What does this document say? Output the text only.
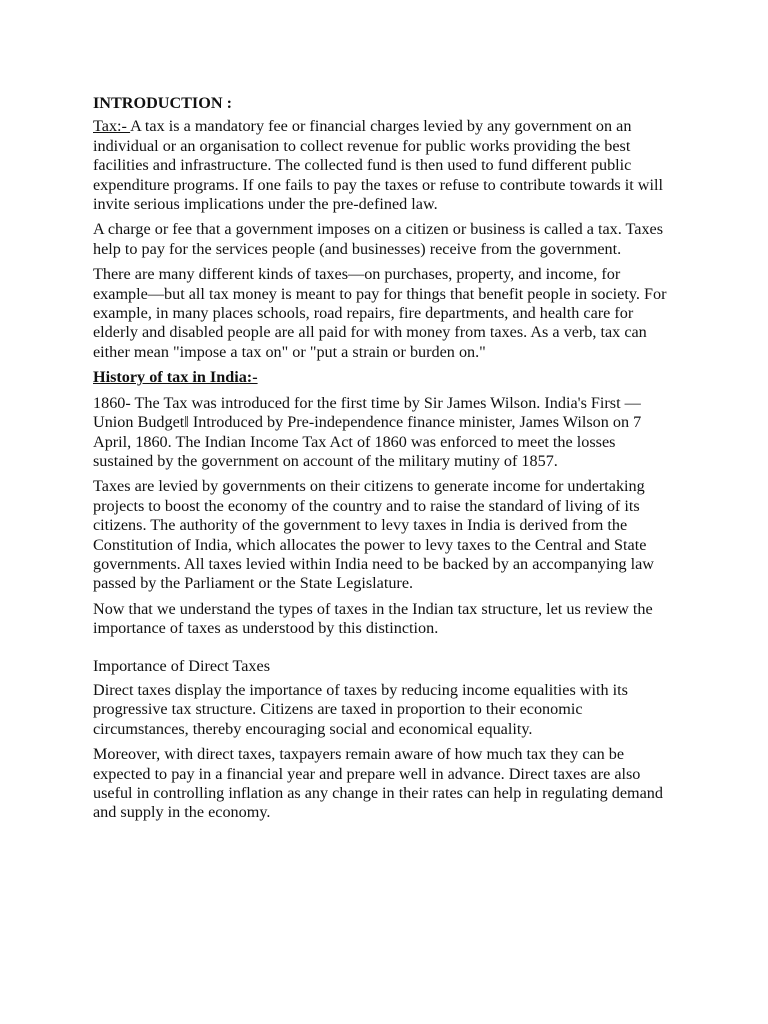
INTRODUCTION :

Tax:- A tax is a mandatory fee or financial charges levied by any government on an individual or an organisation to collect revenue for public works providing the best facilities and infrastructure. The collected fund is then used to fund different public expenditure programs. If one fails to pay the taxes or refuse to contribute towards it will invite serious implications under the pre-defined law.

A charge or fee that a government imposes on a citizen or business is called a tax. Taxes help to pay for the services people (and businesses) receive from the government.

There are many different kinds of taxes—on purchases, property, and income, for example—but all tax money is meant to pay for things that benefit people in society. For example, in many places schools, road repairs, fire departments, and health care for elderly and disabled people are all paid for with money from taxes. As a verb, tax can either mean "impose a tax on" or "put a strain or burden on."

History of tax in India:-

1860- The Tax was introduced for the first time by Sir James Wilson. India's First —Union Budget‖ Introduced by Pre-independence finance minister, James Wilson on 7 April, 1860. The Indian Income Tax Act of 1860 was enforced to meet the losses sustained by the government on account of the military mutiny of 1857.

Taxes are levied by governments on their citizens to generate income for undertaking projects to boost the economy of the country and to raise the standard of living of its citizens. The authority of the government to levy taxes in India is derived from the Constitution of India, which allocates the power to levy taxes to the Central and State governments. All taxes levied within India need to be backed by an accompanying law passed by the Parliament or the State Legislature.

Now that we understand the types of taxes in the Indian tax structure, let us review the importance of taxes as understood by this distinction.

Importance of Direct Taxes

Direct taxes display the importance of taxes by reducing income equalities with its progressive tax structure. Citizens are taxed in proportion to their economic circumstances, thereby encouraging social and economical equality.

Moreover, with direct taxes, taxpayers remain aware of how much tax they can be expected to pay in a financial year and prepare well in advance. Direct taxes are also useful in controlling inflation as any change in their rates can help in regulating demand and supply in the economy.
